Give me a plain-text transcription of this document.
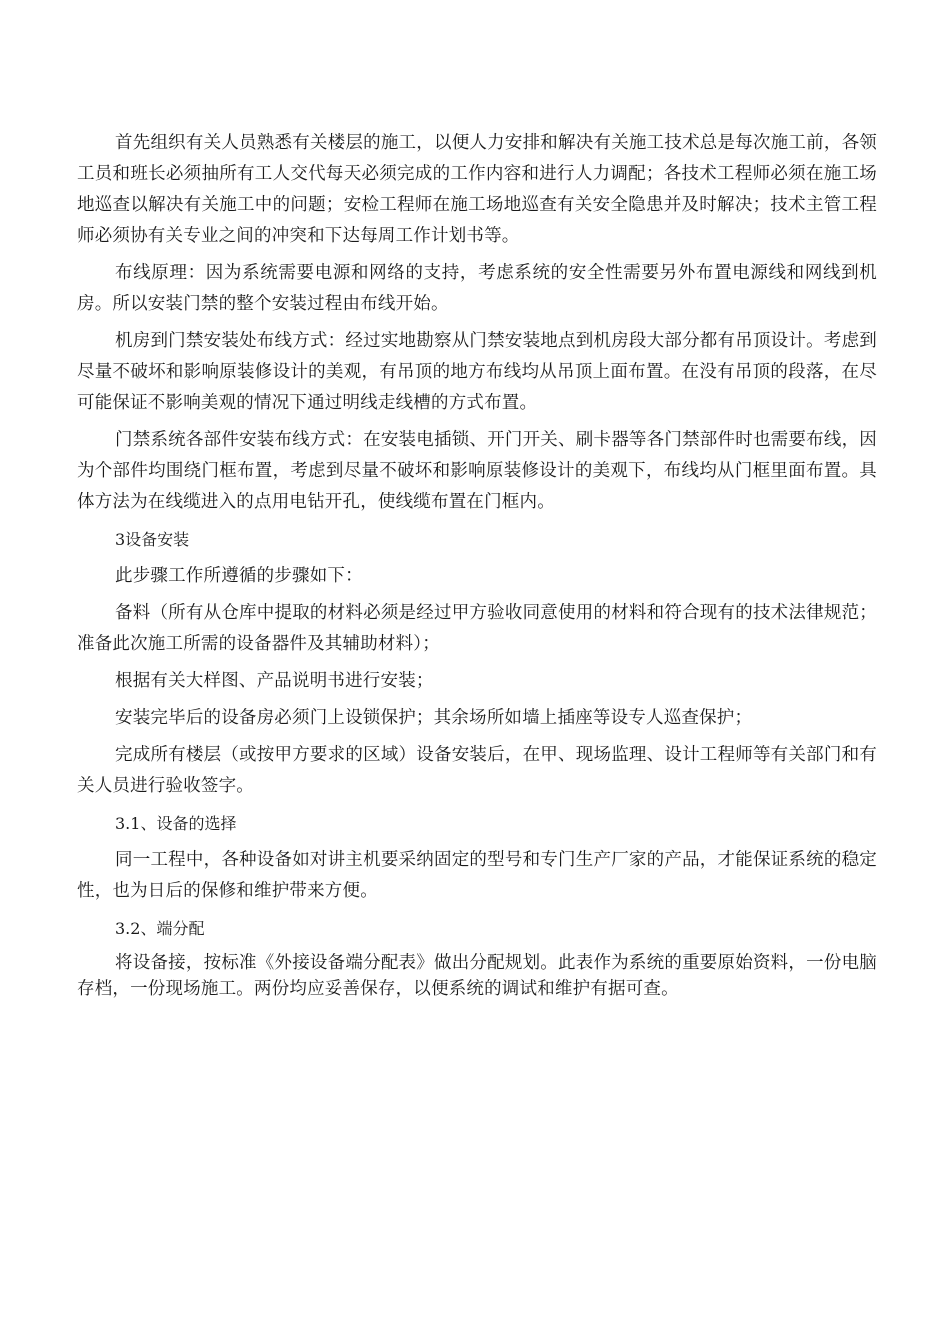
首先组织有关人员熟悉有关楼层的施工，以便人力安排和解决有关施工技术总是每次施工前，各领工员和班长必须抽所有工人交代每天必须完成的工作内容和进行人力调配；各技术工程师必须在施工场地巡查以解决有关施工中的问题；安检工程师在施工场地巡查有关安全隐患并及时解决；技术主管工程师必须协有关专业之间的冲突和下达每周工作计划书等。

布线原理：因为系统需要电源和网络的支持，考虑系统的安全性需要另外布置电源线和网线到机房。所以安装门禁的整个安装过程由布线开始。

机房到门禁安装处布线方式：经过实地勘察从门禁安装地点到机房段大部分都有吊顶设计。考虑到尽量不破坏和影响原装修设计的美观，有吊顶的地方布线均从吊顶上面布置。在没有吊顶的段落，在尽可能保证不影响美观的情况下通过明线走线槽的方式布置。

门禁系统各部件安装布线方式：在安装电插锁、开门开关、刷卡器等各门禁部件时也需要布线，因为个部件均围绕门框布置，考虑到尽量不破坏和影响原装修设计的美观下，布线均从门框里面布置。具体方法为在线缆进入的点用电钻开孔，使线缆布置在门框内。

3设备安装

此步骤工作所遵循的步骤如下：

备料（所有从仓库中提取的材料必须是经过甲方验收同意使用的材料和符合现有的技术法律规范；准备此次施工所需的设备器件及其辅助材料）；

根据有关大样图、产品说明书进行安装；

安装完毕后的设备房必须门上设锁保护；其余场所如墙上插座等设专人巡查保护；

完成所有楼层（或按甲方要求的区域）设备安装后，在甲、现场监理、设计工程师等有关部门和有关人员进行验收签字。

3.1、设备的选择

同一工程中，各种设备如对讲主机要采纳固定的型号和专门生产厂家的产品，才能保证系统的稳定性，也为日后的保修和维护带来方便。

3.2、端分配

将设备接，按标准《外接设备端分配表》做出分配规划。此表作为系统的重要原始资料，一份电脑存档，一份现场施工。两份均应妥善保存，以便系统的调试和维护有据可查。
